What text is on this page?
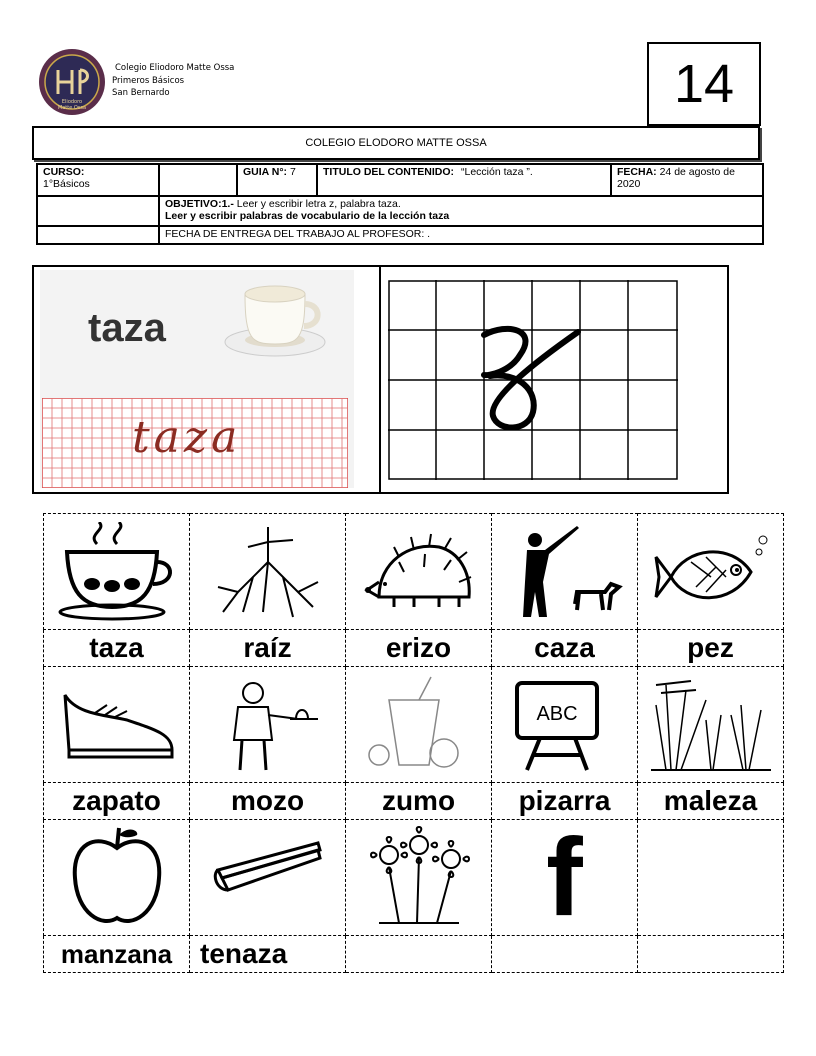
Eliodoro
Matte Ossa
Colegio Eliodoro Matte Ossa
Primeros Básicos
San Bernardo	14
COLEGIO ELODORO MATTE OSSA
CURSO:
1°Básicos		GUIA N°: 7	TITULO DEL CONTENIDO: “Lección taza ”.	FECHA: 24 de agosto de 2020
	OBJETIVO:1.- Leer y escribir letra z, palabra taza.
Leer y escribir palabras de vocabulario de la lección taza			
	FECHA DE ENTREGA DEL TRABAJO AL PROFESOR: .			
taza
taza

taza	raíz	erizo	caza	pez

ABC

zapato	mozo	zumo	pizarra	maleza

	f	
manzana	tenaza			
